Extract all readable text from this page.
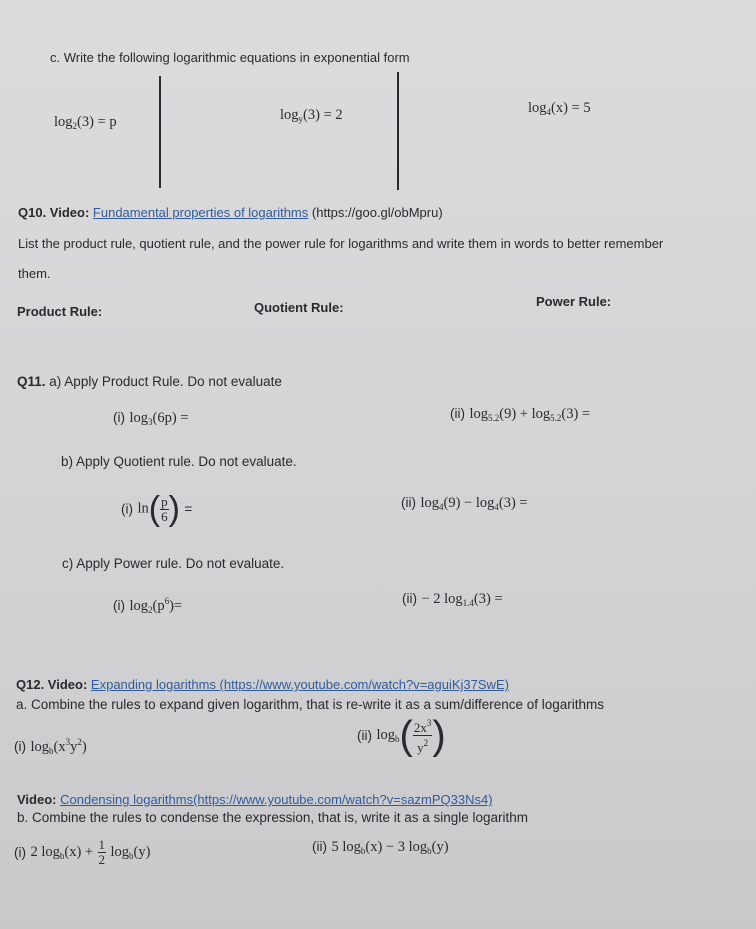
c. Write the following logarithmic equations in exponential form
$\log_2(3) = p$	$\log_y(3) = 2$	$\log_4(x) = 5$
Q10. Video: Fundamental properties of logarithms (https://goo.gl/obMpru)
List the product rule, quotient rule, and the power rule for logarithms and write them in words to better remember
them.
Product Rule:	Quotient Rule:	Power Rule:
Q11. a) Apply Product Rule. Do not evaluate
(i) $\log_3(6p)$ =	(ii) $\log_{5.2}(9) + \log_{5.2}(3)$ =
b) Apply Quotient rule. Do not evaluate.
(i) $\ln( \frac{p}{6}$ ) =	(ii) $\log_4(9) - \log_4(3)$ =
c) Apply Power rule. Do not evaluate.
(i) $\log_2(p^6)=$	(ii) − 2 $\log_{1.4}(3)$ =
Q12. Video: Expanding logarithms (https://www.youtube.com/watch?v=aguiKj37SwE)
a. Combine the rules to expand given logarithm, that is re-write it as a sum/difference of logarithms
(i) $\log_b(x^3y^2)$
(ii) $\log_b( \frac{2x^3}{y^2}$ )
Video: Condensing logarithms(https://www.youtube.com/watch?v=sazmPQ33Ns4)
b. Combine the rules to condense the expression, that is, write it as a single logarithm
(i) 2 $\log_b(x) + \frac{1}{2} \log_b(y)$	(ii) 5 $\log_b(x) - 3$ $\log_b(y)$
